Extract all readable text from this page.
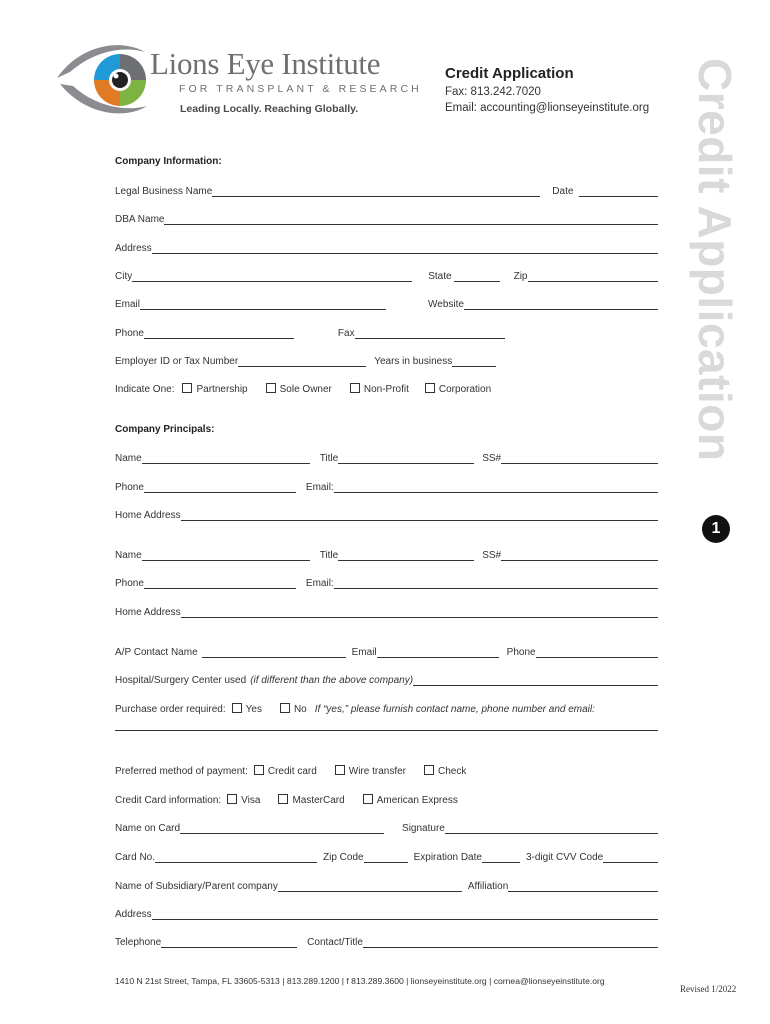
Lions Eye Institute
FOR TRANSPLANT & RESEARCH
Leading Locally. Reaching Globally.
Credit Application
Fax: 813.242.7020
Email: accounting@lionseyeinstitute.org Credit Application
1
Company Information:
Legal Business Name	Date
DBA Name
Address
City	State	Zip
Email	Website
Phone	Fax
Employer ID or Tax Number	Years in business
Indicate One: Partnership	Sole Owner	Non-Profit	Corporation
Company Principals:
Name	Title	SS#
Phone	Email:
Home Address
Name	Title	SS#
Phone	Email:
Home Address
A/P Contact Name	Email	Phone
Hospital/Surgery Center used (if different than the above company)
Purchase order required: Yes	No If “yes,” please furnish contact name, phone number and email:
Preferred method of payment: Credit card	Wire transfer	Check
Credit Card information: Visa	MasterCard	American Express
Name on Card	Signature
Card No.	Zip Code	Expiration Date	3-digit CVV Code
Name of Subsidiary/Parent company	Affiliation
Address
Telephone	Contact/Title
1410 N 21st Street, Tampa, FL 33605-5313 | 813.289.1200 | f 813.289.3600 | lionseyeinstitute.org | cornea@lionseyeinstitute.org
Revised 1/2022
